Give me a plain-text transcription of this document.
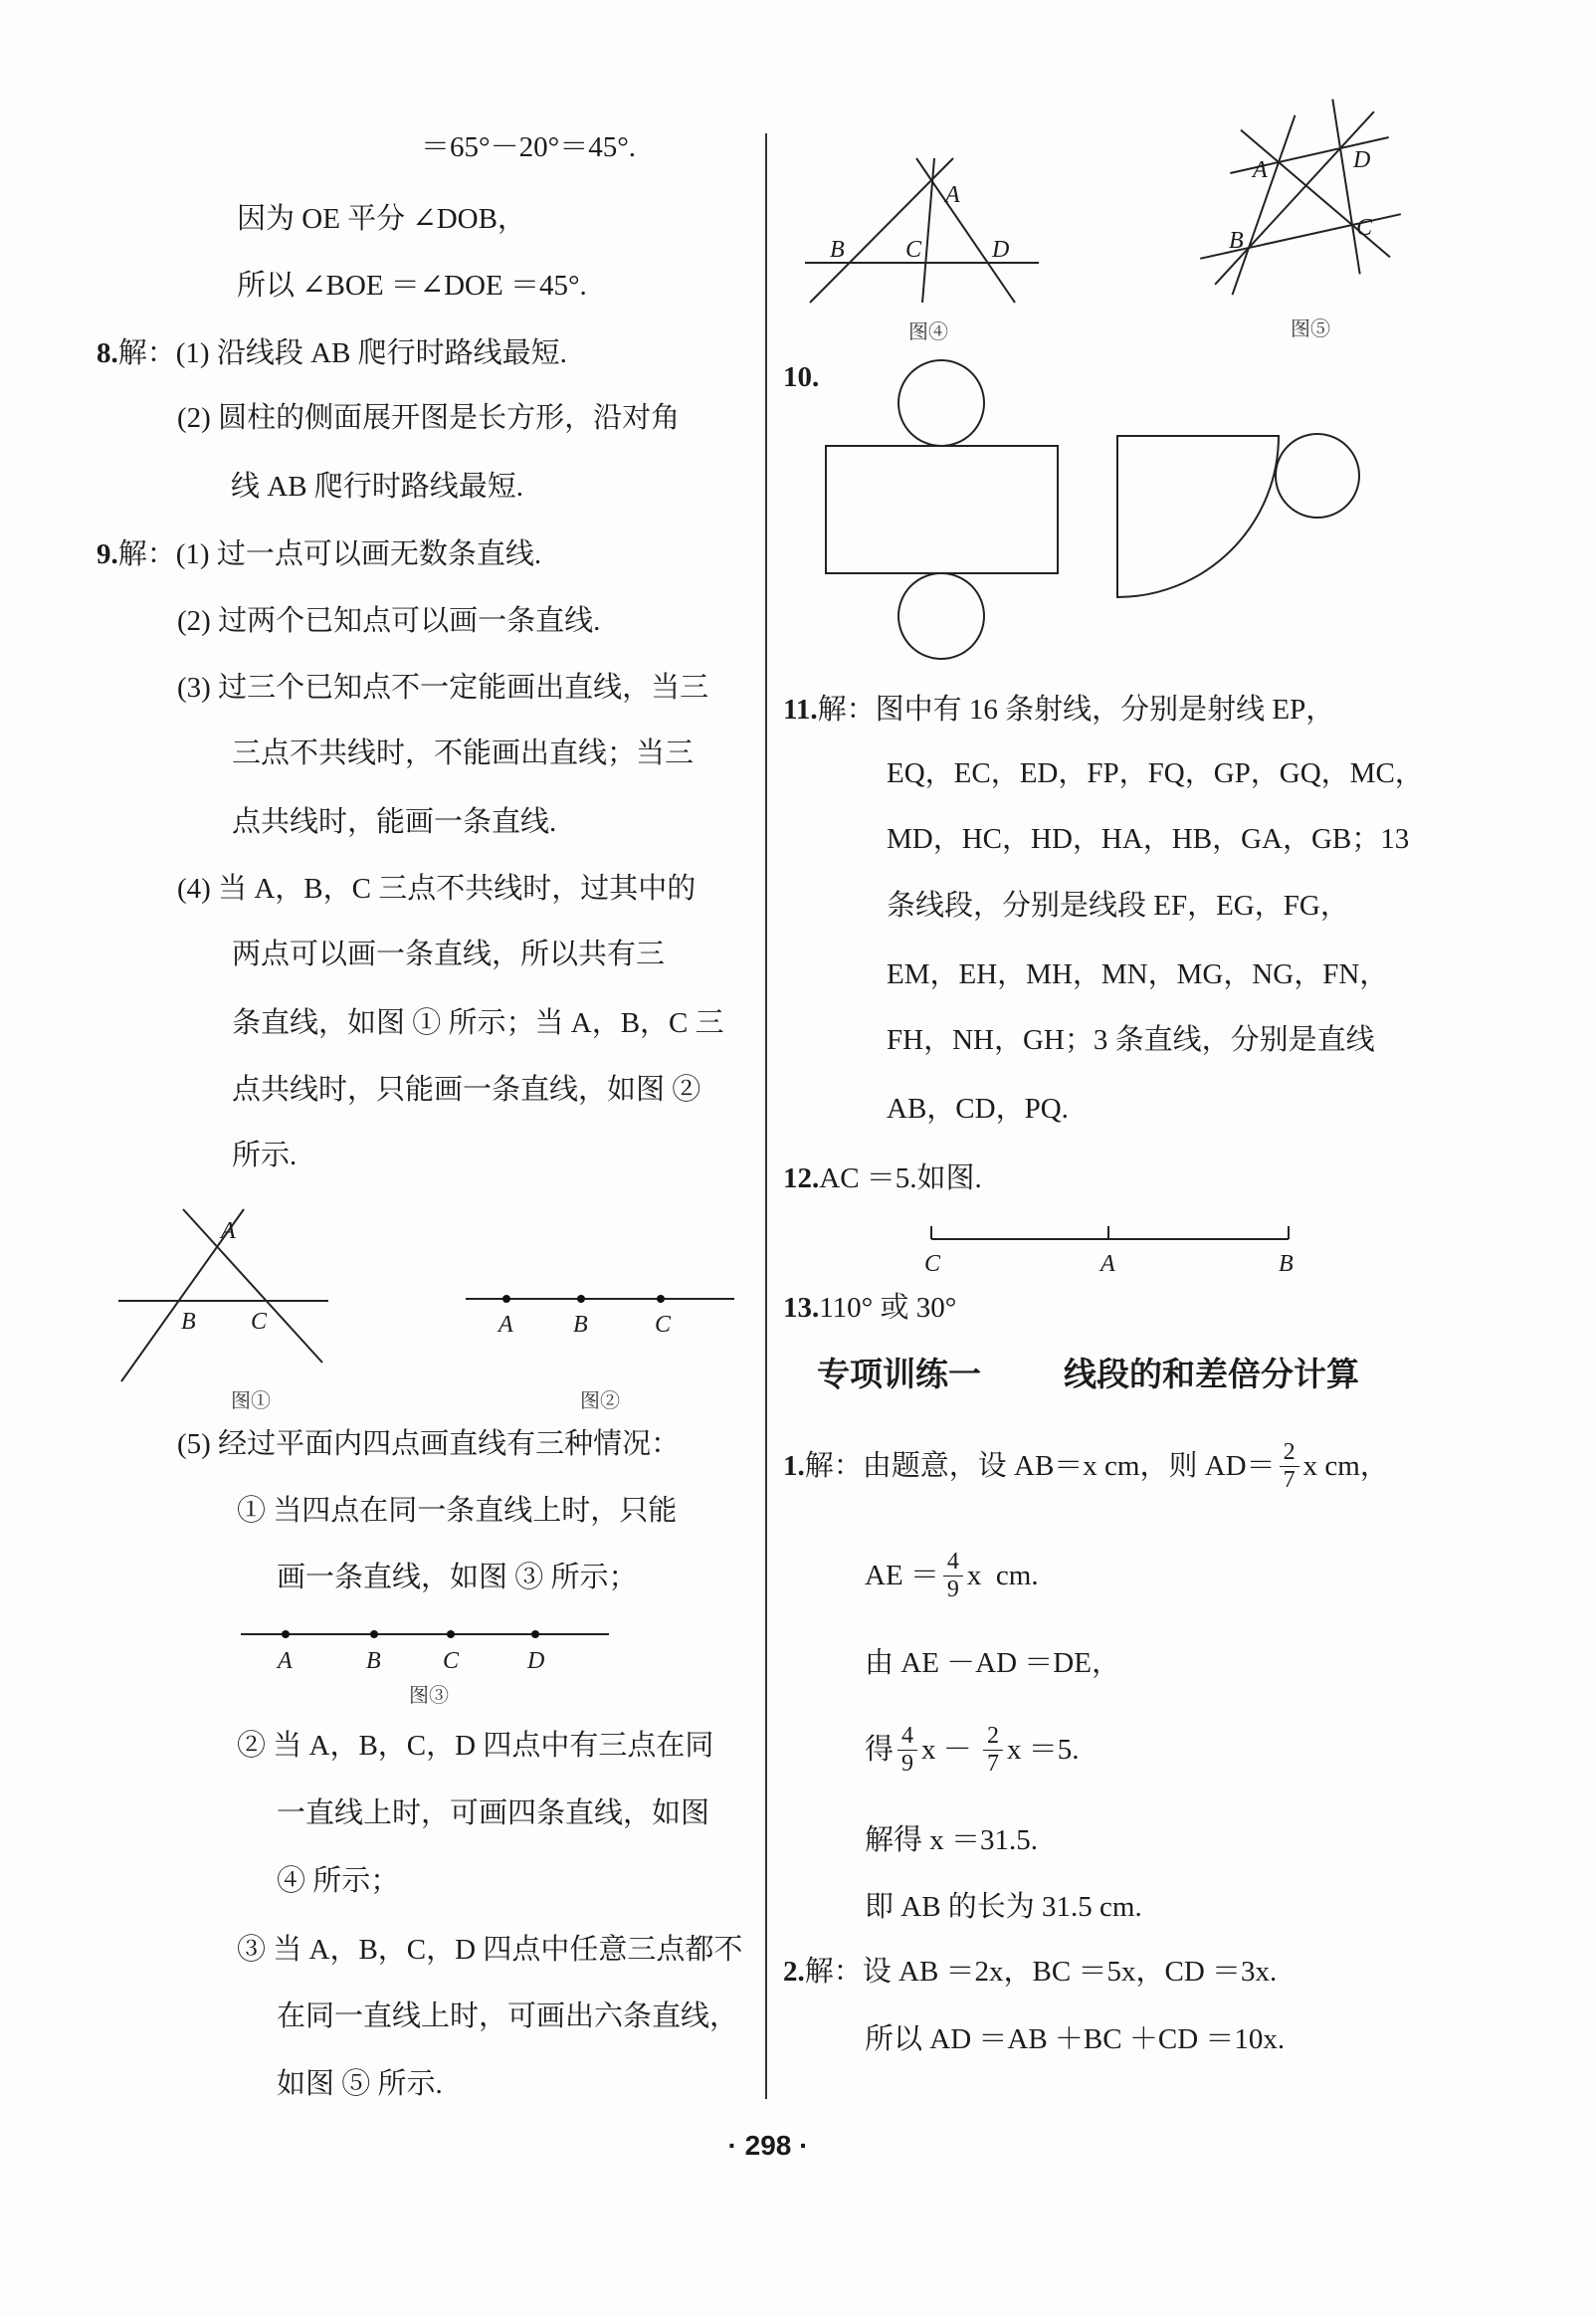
＝65°－20°＝45°.
因为 OE 平分 ∠DOB，
所以 ∠BOE ＝∠DOE ＝45°.
8. 解：(1) 沿线段 AB 爬行时路线最短.
(2) 圆柱的侧面展开图是长方形，沿对角
线 AB 爬行时路线最短.
9. 解：(1) 过一点可以画无数条直线.
(2) 过两个已知点可以画一条直线.
(3) 过三个已知点不一定能画出直线，当三
三点不共线时，不能画出直线；当三
点共线时，能画一条直线.
(4) 当 A，B，C 三点不共线时，过其中的
两点可以画一条直线，所以共有三
条直线，如图 ① 所示；当 A，B，C 三
点共线时，只能画一条直线，如图 ②
所示.
(5) 经过平面内四点画直线有三种情况：
① 当四点在同一条直线上时，只能
画一条直线，如图 ③ 所示；
② 当 A，B，C，D 四点中有三点在同
一直线上时，可画四条直线，如图
④ 所示；
③ 当 A，B，C，D 四点中任意三点都不
在同一直线上时，可画出六条直线，
如图 ⑤ 所示.
10.
11. 解：图中有 16 条射线，分别是射线 EP，
EQ，EC，ED，FP，FQ，GP，GQ，MC，
MD，HC，HD，HA，HB，GA，GB；13
条线段，分别是线段 EF，EG，FG，
EM，EH，MH，MN，MG，NG，FN，
FH，NH，GH；3 条直线，分别是直线
AB，CD，PQ.
12. AC ＝5.如图.
13. 110° 或 30°
专项训练一	线段的和差倍分计算
1. 解：由题意，设 AB＝x cm，则 $AD= \frac{2}{7}$ x cm，
AE ＝ $\frac{4}{9}$ x  cm.
由 AE －AD ＝DE，
得 $\frac{4}{9}$ $x - \frac{2}{7}$ x ＝5.
解得 x ＝31.5.
即 AB 的长为 31.5 cm.
2. 解：设 AB ＝2x，BC ＝5x，CD ＝3x.
所以 AD ＝AB ＋BC ＋CD ＝10x.
· 298 ·
A
B C
图①
A	B	C
图②
A	B	C	D
图③
A
B	C	D
图④
A
B	C
D
图⑤
C	A	B
